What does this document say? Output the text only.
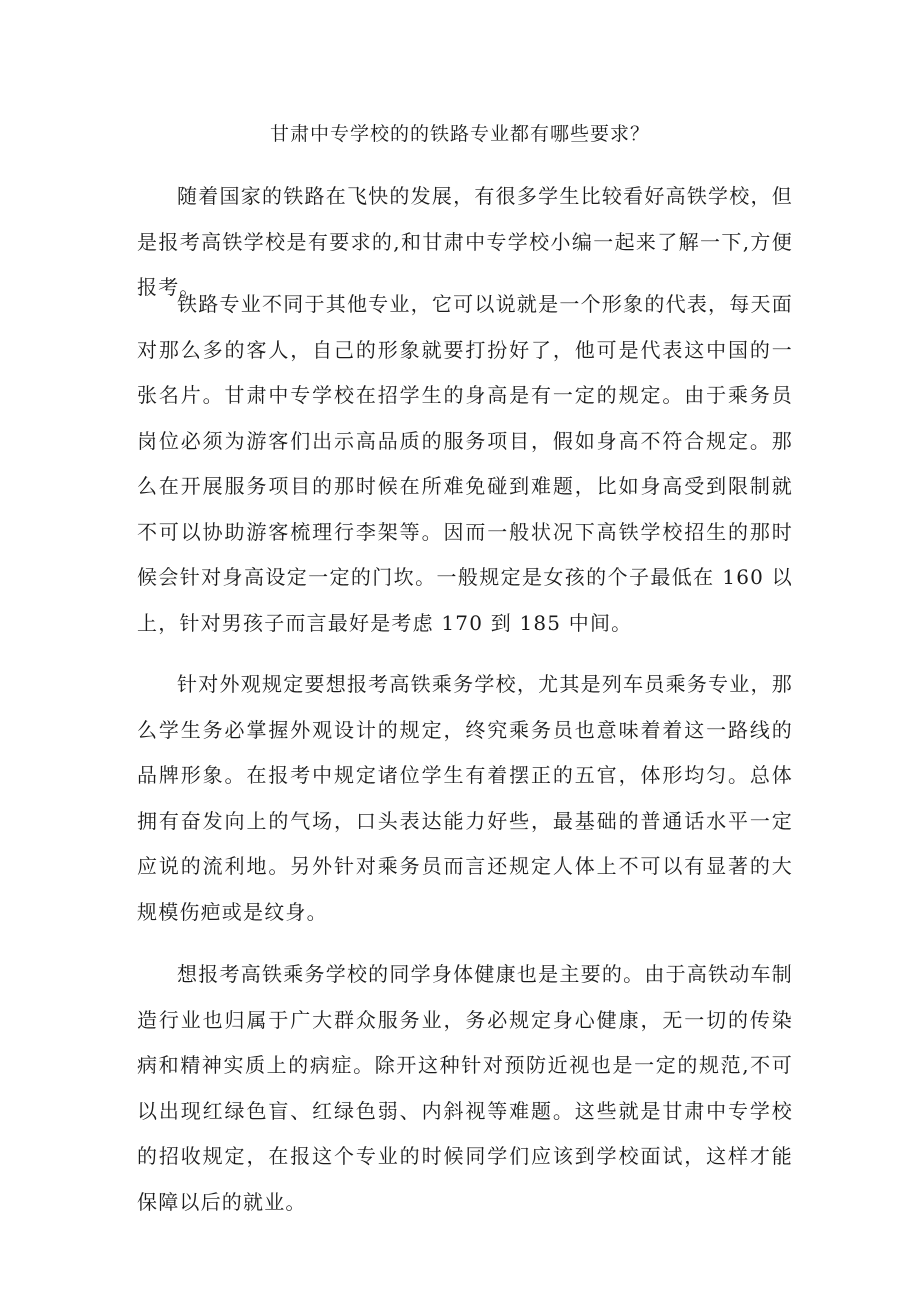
甘肃中专学校的的铁路专业都有哪些要求？

随着国家的铁路在飞快的发展，有很多学生比较看好高铁学校，但是报考高铁学校是有要求的,和甘肃中专学校小编一起来了解一下,方便报考。

铁路专业不同于其他专业，它可以说就是一个形象的代表，每天面对那么多的客人，自己的形象就要打扮好了，他可是代表这中国的一张名片。甘肃中专学校在招学生的身高是有一定的规定。由于乘务员岗位必须为游客们出示高品质的服务项目，假如身高不符合规定。那么在开展服务项目的那时候在所难免碰到难题，比如身高受到限制就不可以协助游客梳理行李架等。因而一般状况下高铁学校招生的那时候会针对身高设定一定的门坎。一般规定是女孩的个子最低在 160 以上，针对男孩子而言最好是考虑 170 到 185 中间。

针对外观规定要想报考高铁乘务学校，尤其是列车员乘务专业，那么学生务必掌握外观设计的规定，终究乘务员也意味着着这一路线的品牌形象。在报考中规定诸位学生有着摆正的五官，体形均匀。总体拥有奋发向上的气场，口头表达能力好些，最基础的普通话水平一定应说的流利地。另外针对乘务员而言还规定人体上不可以有显著的大规模伤疤或是纹身。

想报考高铁乘务学校的同学身体健康也是主要的。由于高铁动车制造行业也归属于广大群众服务业，务必规定身心健康，无一切的传染病和精神实质上的病症。除开这种针对预防近视也是一定的规范,不可以出现红绿色盲、红绿色弱、内斜视等难题。这些就是甘肃中专学校的招收规定，在报这个专业的时候同学们应该到学校面试，这样才能保障以后的就业。
